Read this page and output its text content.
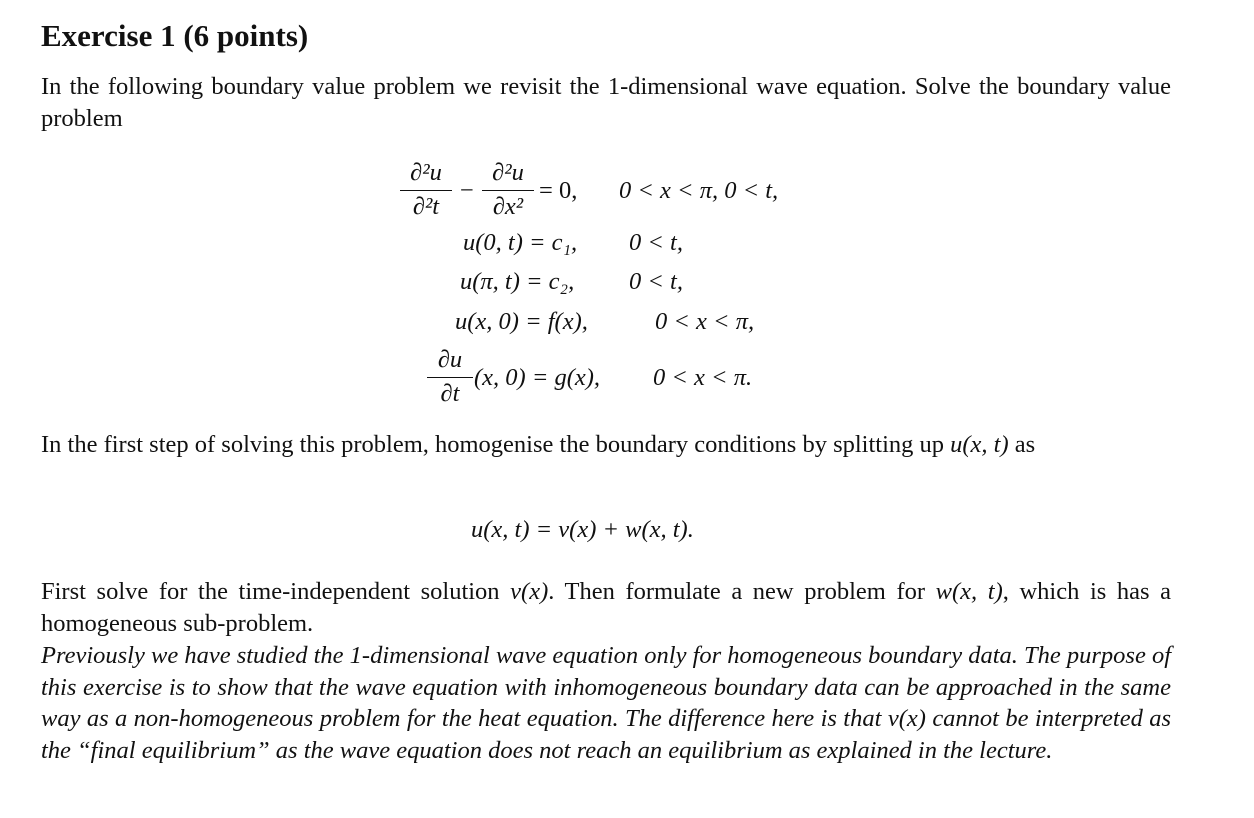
Exercise 1 (6 points)
In the following boundary value problem we revisit the 1-dimensional wave equation. Solve the boundary value problem
∂²u
∂²t
−
∂²u
∂x²
= 0, 0 < x < π, 0 < t,
u(0, t) = c₁, 0 < t,
u(π, t) = c₂, 0 < t,
u(x, 0) = f(x),	0 < x < π,
∂u
∂t
(x, 0) = g(x), 0 < x < π.
In the first step of solving this problem, homogenise the boundary conditions by splitting up u(x, t) as
u(x, t) = v(x) + w(x, t).
First solve for the time-independent solution v(x). Then formulate a new problem for w(x, t), which is has a homogeneous sub-problem.
Previously we have studied the 1-dimensional wave equation only for homogeneous boundary data. The purpose of this exercise is to show that the wave equation with inhomogeneous boundary data can be approached in the same way as a non-homogeneous problem for the heat equation. The difference here is that v(x) cannot be interpreted as the “final equilibrium” as the wave equation does not reach an equilibrium as explained in the lecture.
